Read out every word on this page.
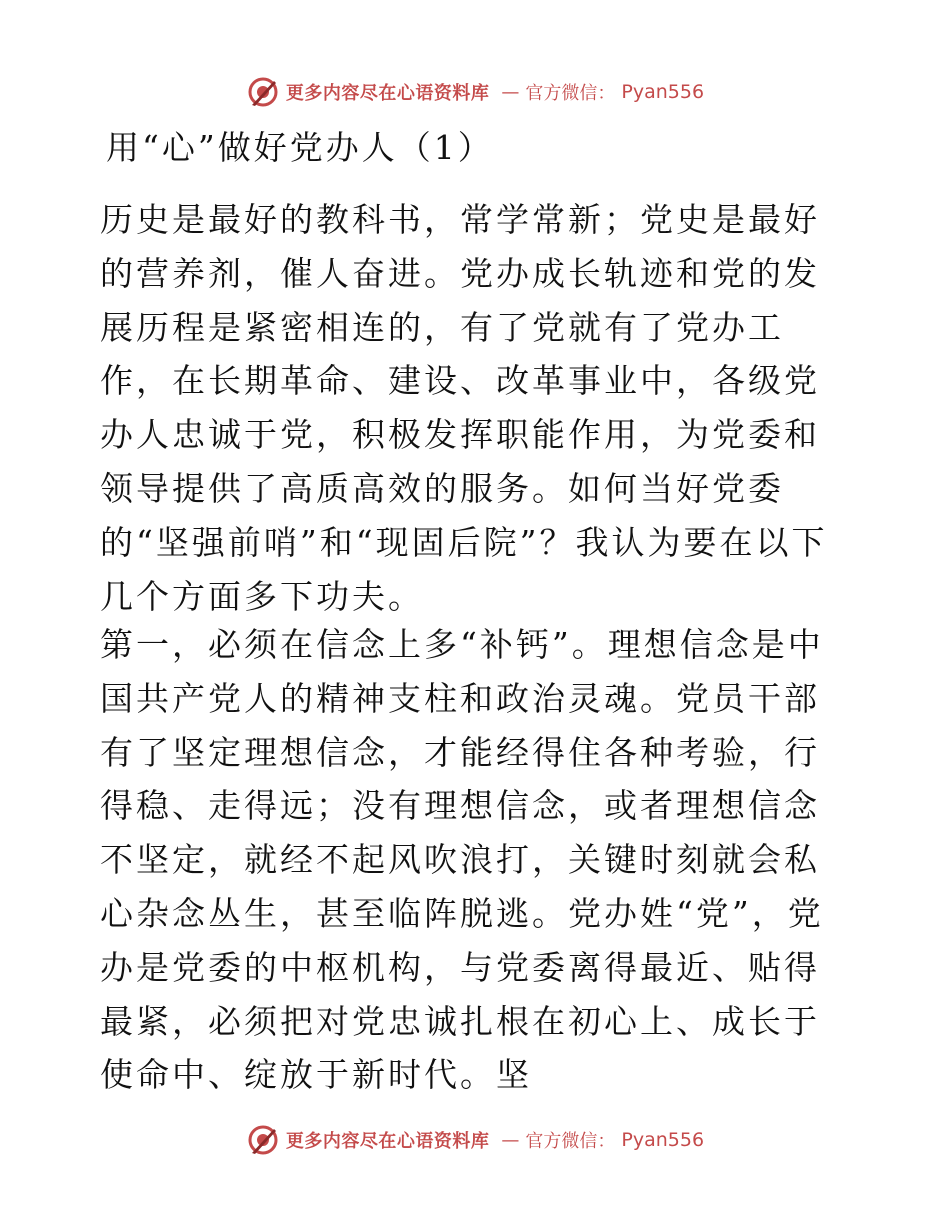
更多内容尽在心语资料库 — 官方微信： Pyan556
用“心”做好党办人（1）

历史是最好的教科书，常学常新；党史是最好的营养剂，催人奋进。党办成长轨迹和党的发展历程是紧密相连的，有了党就有了党办工作，在长期革命、建设、改革事业中，各级党办人忠诚于党，积极发挥职能作用，为党委和领导提供了高质高效的服务。如何当好党委的“坚强前哨”和“现固后院”？我认为要在以下几个方面多下功夫。

第一，必须在信念上多“补钙”。理想信念是中国共产党人的精神支柱和政治灵魂。党员干部有了坚定理想信念，才能经得住各种考验，行得稳、走得远；没有理想信念，或者理想信念不坚定，就经不起风吹浪打，关键时刻就会私心杂念丛生，甚至临阵脱逃。党办姓“党”，党办是党委的中枢机构，与党委离得最近、贴得最紧，必须把对党忠诚扎根在初心上、成长于使命中、绽放于新时代。坚

更多内容尽在心语资料库 — 官方微信： Pyan556
